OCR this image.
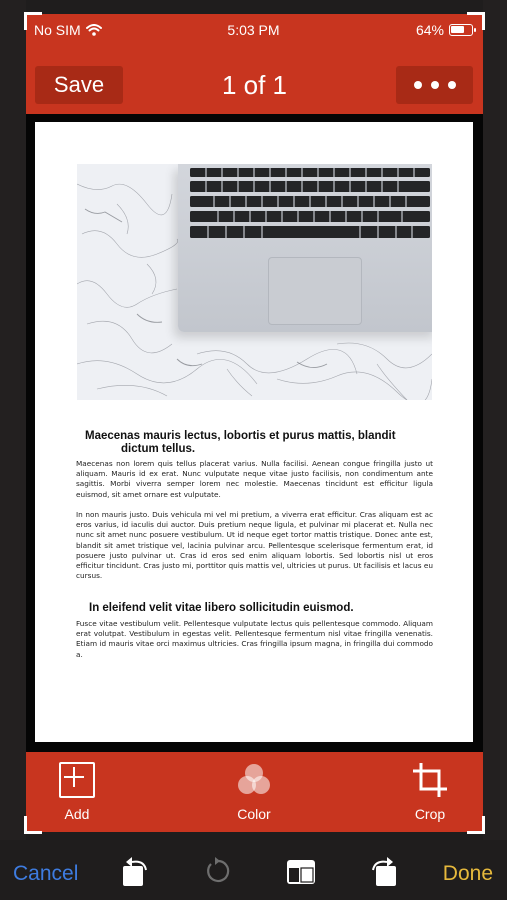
No SIM	5:03 PM	64%
Save	1 of 1
Maecenas mauris lectus, lobortis et purus mattis, blandit
dictum tellus.
Maecenas non lorem quis tellus placerat varius. Nulla facilisi. Aenean congue fringilla justo ut aliquam. Mauris id ex erat. Nunc vulputate neque vitae justo facilisis, non condimentum ante sagittis. Morbi viverra semper lorem nec molestie. Maecenas tincidunt est efficitur ligula euismod, sit amet ornare est vulputate.
In non mauris justo. Duis vehicula mi vel mi pretium, a viverra erat efficitur. Cras aliquam est ac eros varius, id iaculis dui auctor. Duis pretium neque ligula, et pulvinar mi placerat et. Nulla nec nunc sit amet nunc posuere vestibulum. Ut id neque eget tortor mattis tristique. Donec ante est, blandit sit amet tristique vel, lacinia pulvinar arcu. Pellentesque scelerisque fermentum erat, id posuere justo pulvinar ut. Cras id eros sed enim aliquam lobortis. Sed lobortis nisl ut eros efficitur tincidunt. Cras justo mi, porttitor quis mattis vel, ultricies ut purus. Ut facilisis et lacus eu cursus.
In eleifend velit vitae libero sollicitudin euismod.
Fusce vitae vestibulum velit. Pellentesque vulputate lectus quis pellentesque commodo. Aliquam erat volutpat. Vestibulum in egestas velit. Pellentesque fermentum nisl vitae fringilla venenatis. Etiam id mauris vitae orci maximus ultricies. Cras fringilla ipsum magna, in fringilla dui commodo a.
Add	Color	Crop
Cancel	Done
